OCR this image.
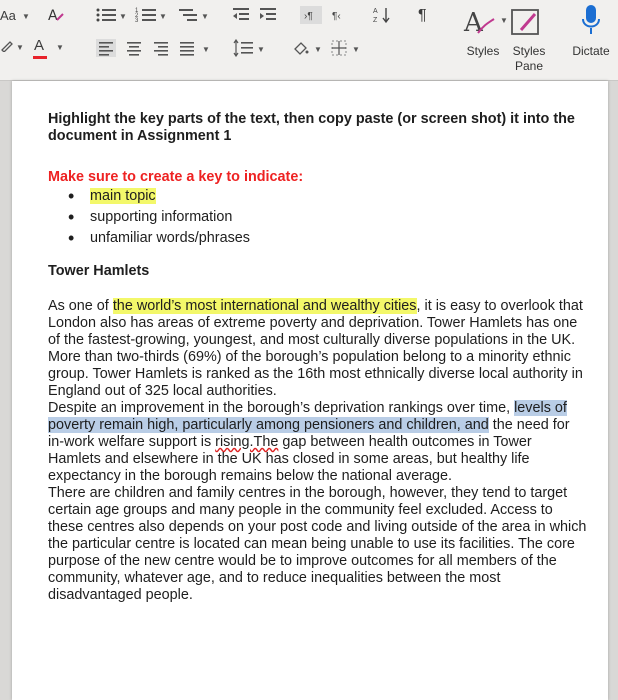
Aa ▼ A	▼
1
2
3	▼	▼	›¶ ¶‹	A
Z	¶
▼ A ▼	▼	▼	▼	▼
A ▼
Styles	Styles
Pane
Dictate

Highlight the key parts of the text, then copy paste (or screen shot) it into the document in Assignment 1

Make sure to create a key to indicate:
• main topic
• supporting information
• unfamiliar words/phrases
Tower Hamlets

As one of the world’s most international and wealthy cities, it is easy to overlook that London also has areas of extreme poverty and deprivation. Tower Hamlets has one of the fastest-growing, youngest, and most culturally diverse populations in the UK. More than two-thirds (69%) of the borough’s population belong to a minority ethnic group. Tower Hamlets is ranked as the 16th most ethnically diverse local authority in England out of 325 local authorities.

Despite an improvement in the borough’s deprivation rankings over time, levels of poverty remain high, particularly among pensioners and children, and the need for in-work welfare support is rising.The gap between health outcomes in Tower Hamlets and elsewhere in the UK has closed in some areas, but healthy life expectancy in the borough remains below the national average.

There are children and family centres in the borough, however, they tend to target certain age groups and many people in the community feel excluded. Access to these centres also depends on your post code and living outside of the area in which the particular centre is located can mean being unable to use its facilities. The core purpose of the new centre would be to improve outcomes for all members of the community, whatever age, and to reduce inequalities between the most disadvantaged people.
